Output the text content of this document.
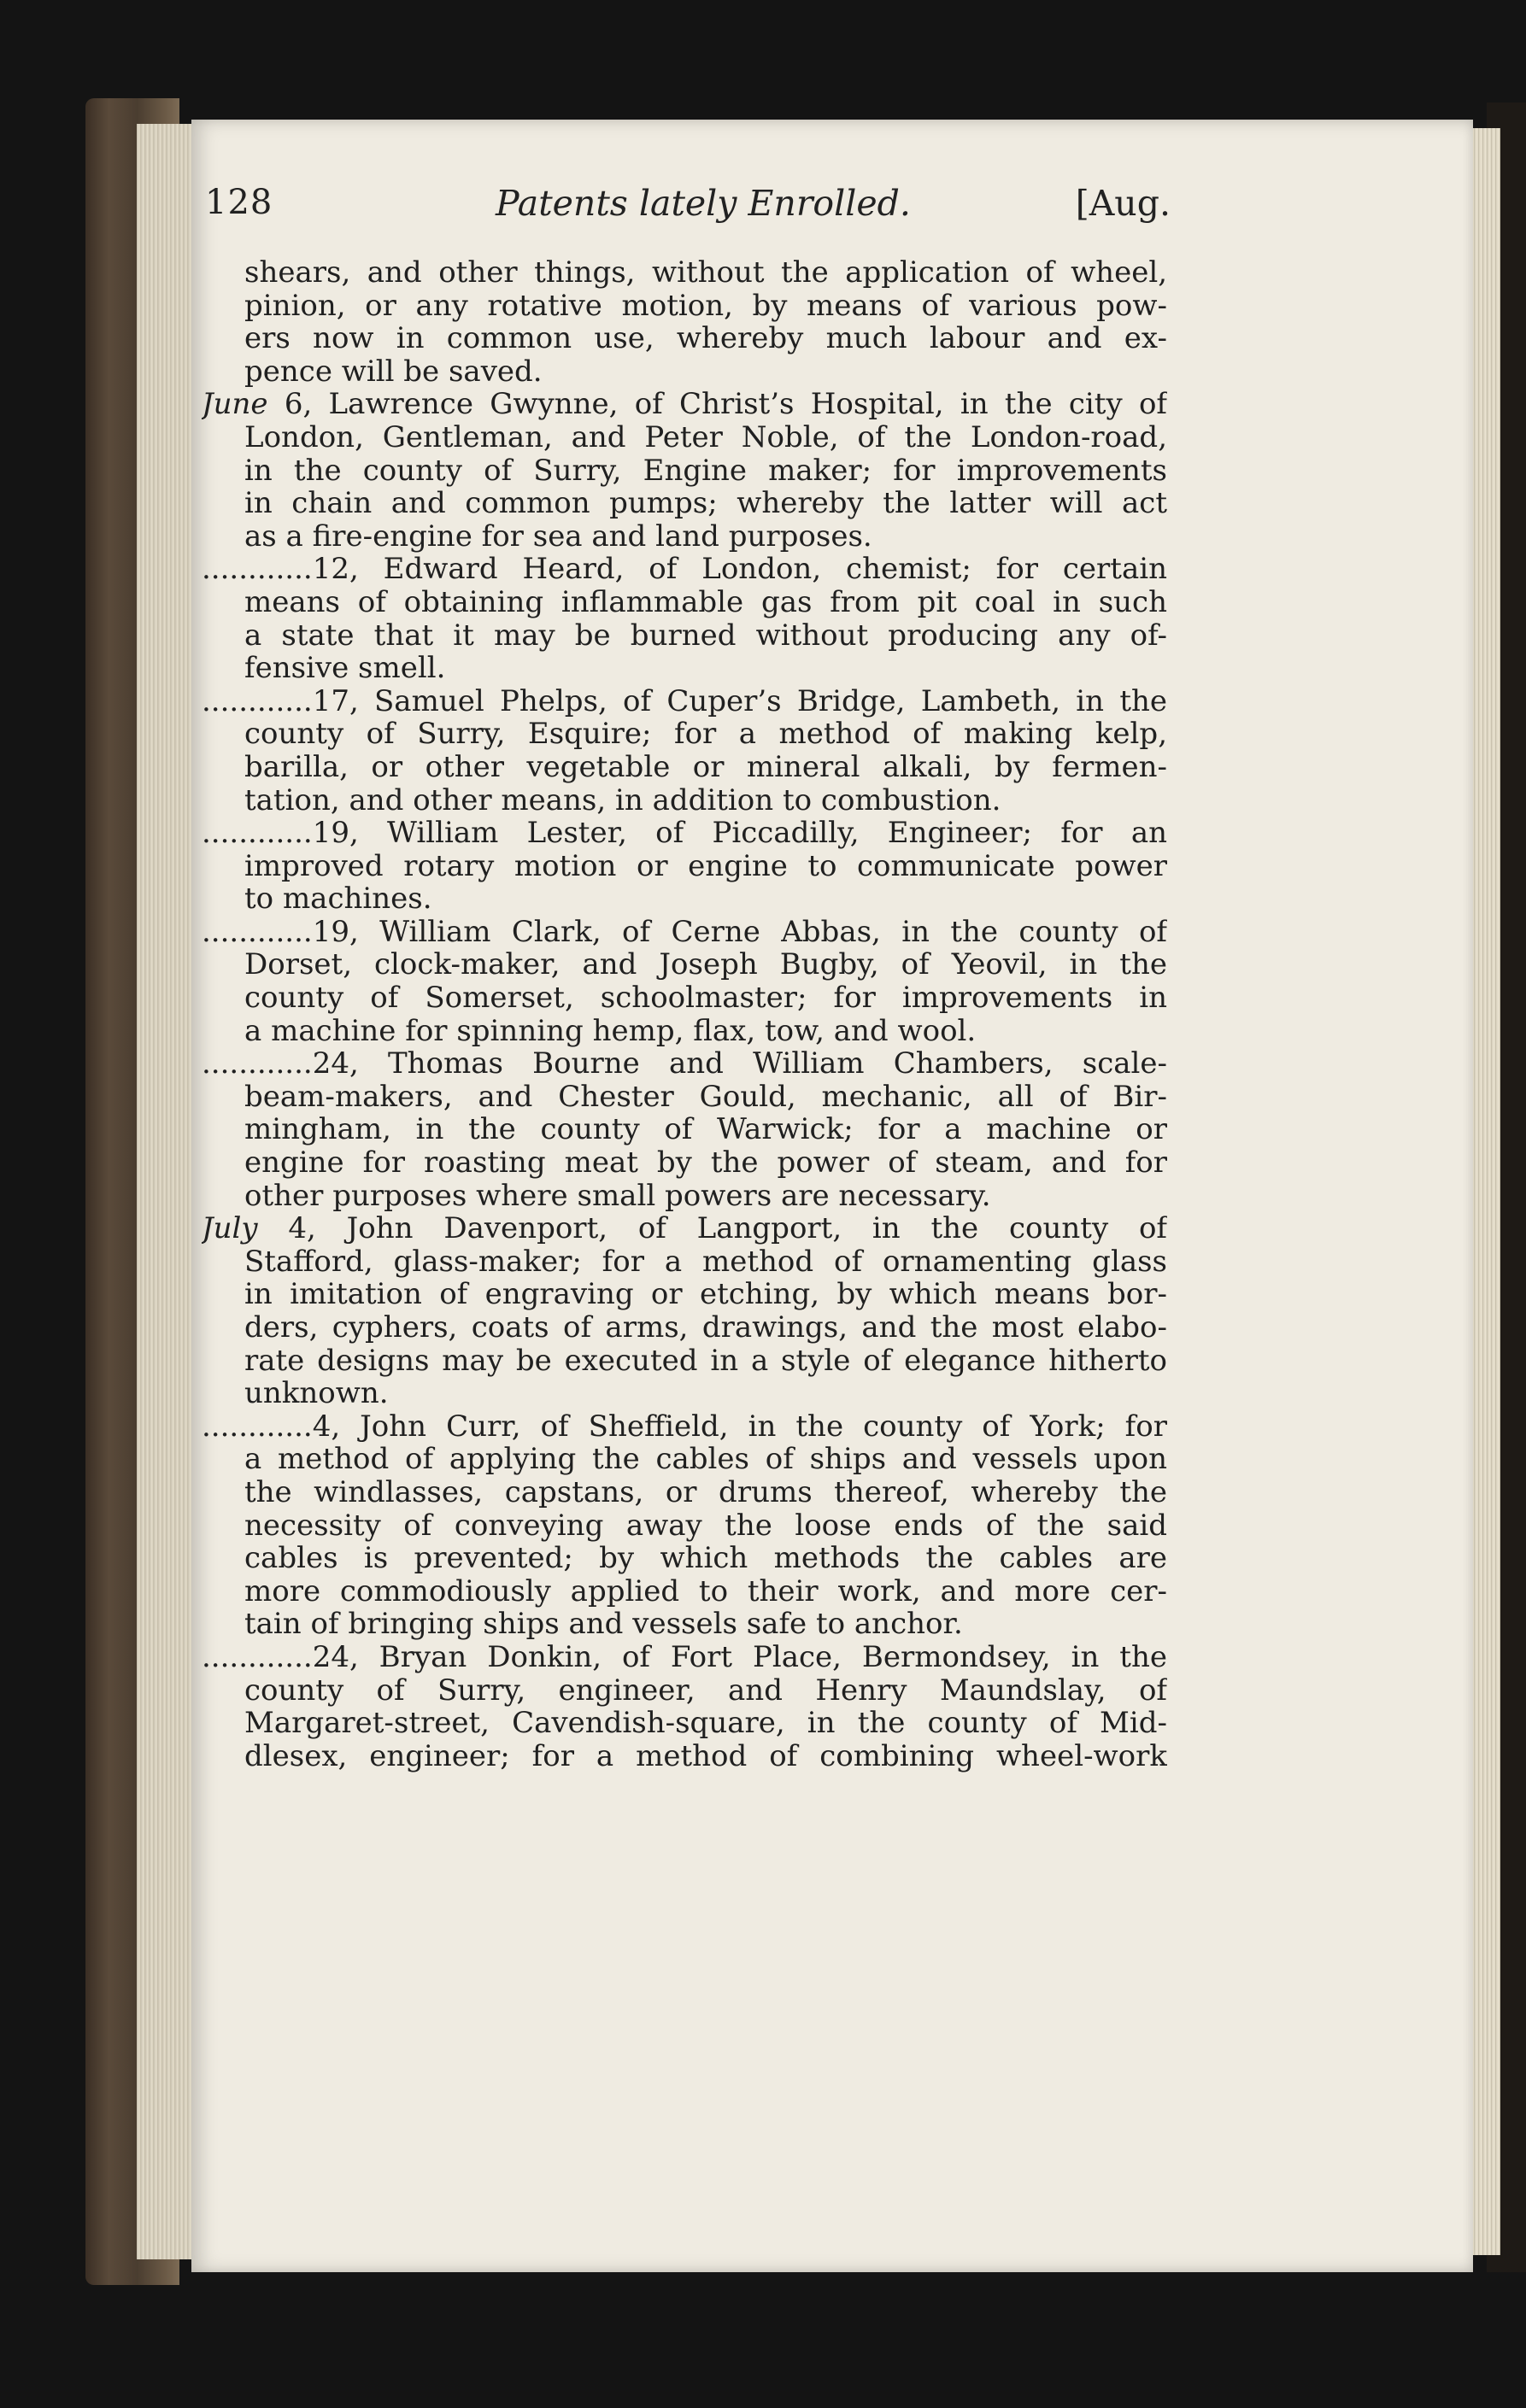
128	Patents lately Enrolled.	[Aug.
shears, and other things, without the application of wheel,
pinion, or any rotative motion, by means of various pow-
ers now in common use, whereby much labour and ex-
pence will be saved.
June 6, Lawrence Gwynne, of Christ’s Hospital, in the city of
London, Gentleman, and Peter Noble, of the London-road,
in the county of Surry, Engine maker; for improvements
in chain and common pumps; whereby the latter will act
as a fire-engine for sea and land purposes.
............12, Edward Heard, of London, chemist; for certain
means of obtaining inflammable gas from pit coal in such
a state that it may be burned without producing any of-
fensive smell.
............17, Samuel Phelps, of Cuper’s Bridge, Lambeth, in the
county of Surry, Esquire; for a method of making kelp,
barilla, or other vegetable or mineral alkali, by fermen-
tation, and other means, in addition to combustion.
............19, William Lester, of Piccadilly, Engineer; for an
improved rotary motion or engine to communicate power
to machines.
............19, William Clark, of Cerne Abbas, in the county of
Dorset, clock-maker, and Joseph Bugby, of Yeovil, in the
county of Somerset, schoolmaster; for improvements in
a machine for spinning hemp, flax, tow, and wool.
............24, Thomas Bourne and William Chambers, scale-
beam-makers, and Chester Gould, mechanic, all of Bir-
mingham, in the county of Warwick; for a machine or
engine for roasting meat by the power of steam, and for
other purposes where small powers are necessary.
July 4, John Davenport, of Langport, in the county of
Stafford, glass-maker; for a method of ornamenting glass
in imitation of engraving or etching, by which means bor-
ders, cyphers, coats of arms, drawings, and the most elabo-
rate designs may be executed in a style of elegance hitherto
unknown.
............4, John Curr, of Sheffield, in the county of York; for
a method of applying the cables of ships and vessels upon
the windlasses, capstans, or drums thereof, whereby the
necessity of conveying away the loose ends of the said
cables is prevented; by which methods the cables are
more commodiously applied to their work, and more cer-
tain of bringing ships and vessels safe to anchor.
............24, Bryan Donkin, of Fort Place, Bermondsey, in the
county of Surry, engineer, and Henry Maundslay, of
Margaret-street, Cavendish-square, in the county of Mid-
dlesex, engineer; for a method of combining wheel-work
